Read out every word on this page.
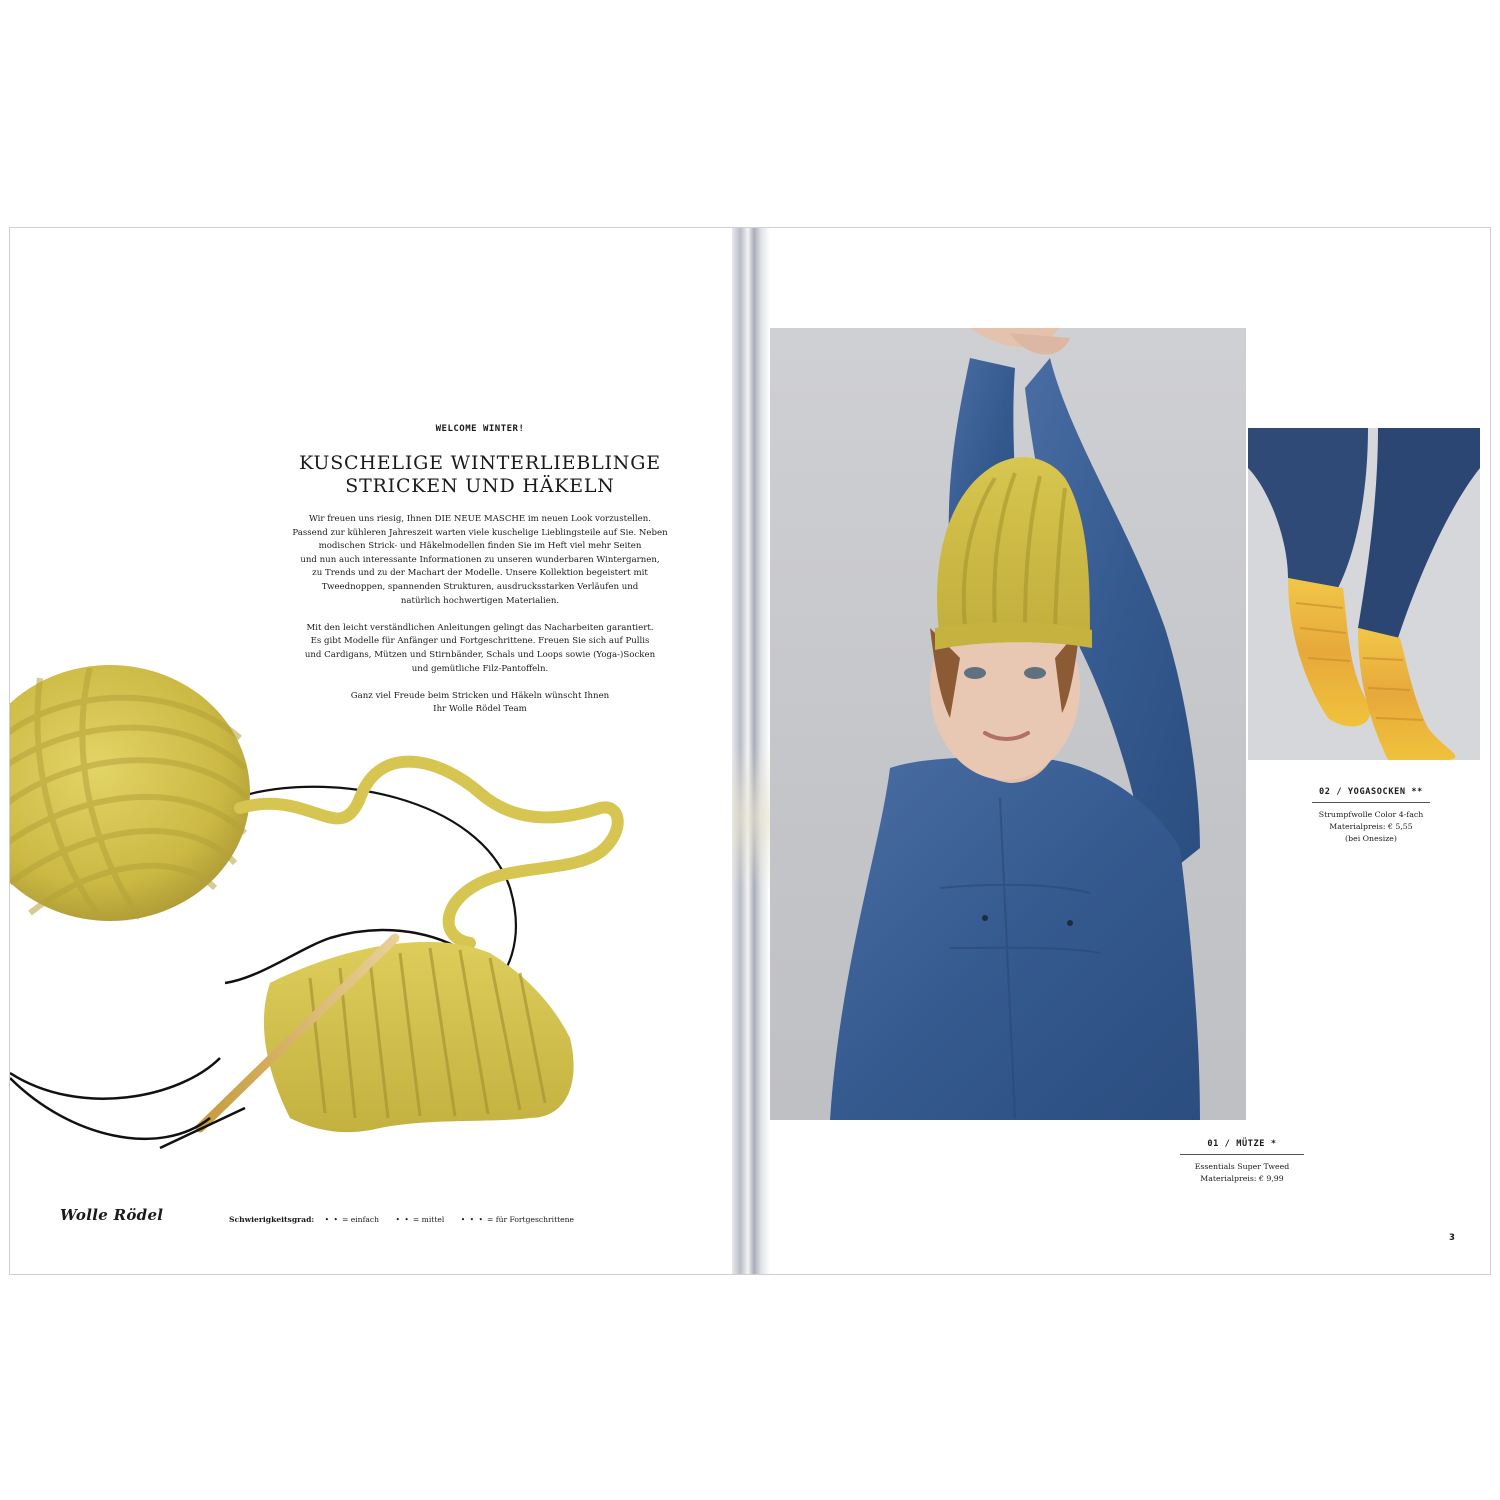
WELCOME WINTER!
KUSCHELIGE WINTERLIEBLINGE
STRICKEN UND HÄKELN

Wir freuen uns riesig, Ihnen DIE NEUE MASCHE im neuen Look vorzustellen.
Passend zur kühleren Jahreszeit warten viele kuschelige Lieblingsteile auf Sie. Neben
modischen Strick- und Häkelmodellen finden Sie im Heft viel mehr Seiten
und nun auch interessante Informationen zu unseren wunderbaren Wintergarnen,
zu Trends und zu der Machart der Modelle. Unsere Kollektion begeistert mit
Tweednoppen, spannenden Strukturen, ausdrucksstarken Verläufen und
natürlich hochwertigen Materialien.

Mit den leicht verständlichen Anleitungen gelingt das Nacharbeiten garantiert.
Es gibt Modelle für Anfänger und Fortgeschrittene. Freuen Sie sich auf Pullis
und Cardigans, Mützen und Stirnbänder, Schals und Loops sowie (Yoga-)Socken
und gemütliche Filz-Pantoffeln.

Ganz viel Freude beim Stricken und Häkeln wünscht Ihnen
Ihr Wolle Rödel Team

Wolle Rödel	Schwierigkeitsgrad: • • = einfach • • = mittel • • • = für Fortgeschrittene
02 / YOGASOCKEN **
Strumpfwolle Color 4-fach
Materialpreis: € 5,55
(bei Onesize)
01 / MÜTZE *
Essentials Super Tweed
Materialpreis: € 9,99
3
